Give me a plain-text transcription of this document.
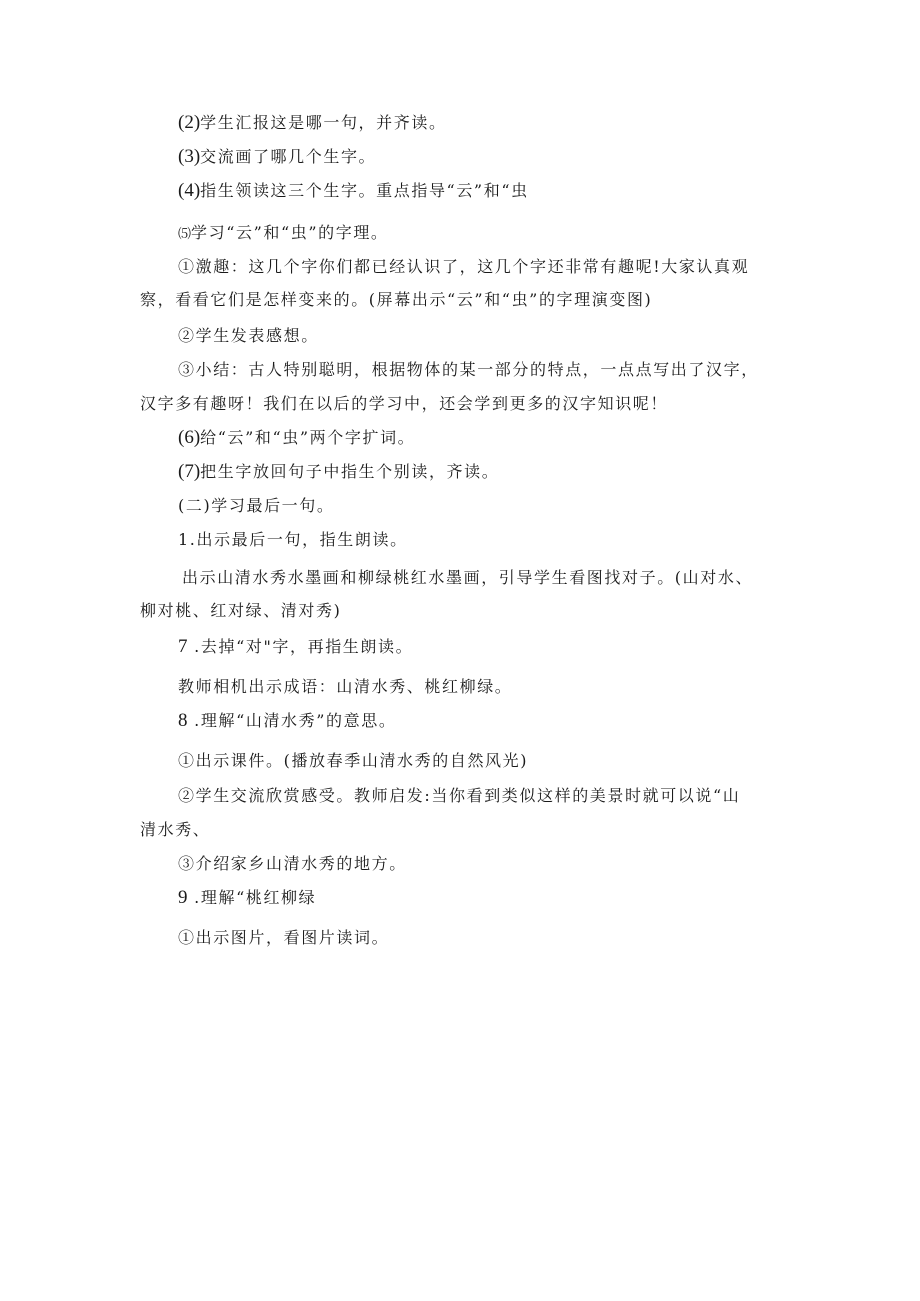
(2)学生汇报这是哪一句，并齐读。
(3)交流画了哪几个生字。
(4)指生领读这三个生字。重点指导“云”和“虫
⑸学习“云”和“虫”的字理。
①激趣：这几个字你们都已经认识了，这几个字还非常有趣呢!大家认真观
察，看看它们是怎样变来的。(屏幕出示“云”和“虫”的字理演变图)
②学生发表感想。
③小结：古人特别聪明，根据物体的某一部分的特点，一点点写出了汉字，
汉字多有趣呀！我们在以后的学习中，还会学到更多的汉字知识呢！
(6)给“云”和“虫”两个字扩词。
(7)把生字放回句子中指生个别读，齐读。
(二)学习最后一句。
1.出示最后一句，指生朗读。
出示山清水秀水墨画和柳绿桃红水墨画，引导学生看图找对子。(山对水、
柳对桃、红对绿、清对秀)
7 .去掉“对"字，再指生朗读。
教师相机出示成语：山清水秀、桃红柳绿。
8 .理解“山清水秀”的意思。
①出示课件。(播放春季山清水秀的自然风光)
②学生交流欣赏感受。教师启发:当你看到类似这样的美景时就可以说“山
清水秀、
③介绍家乡山清水秀的地方。
9 .理解“桃红柳绿
①出示图片，看图片读词。
